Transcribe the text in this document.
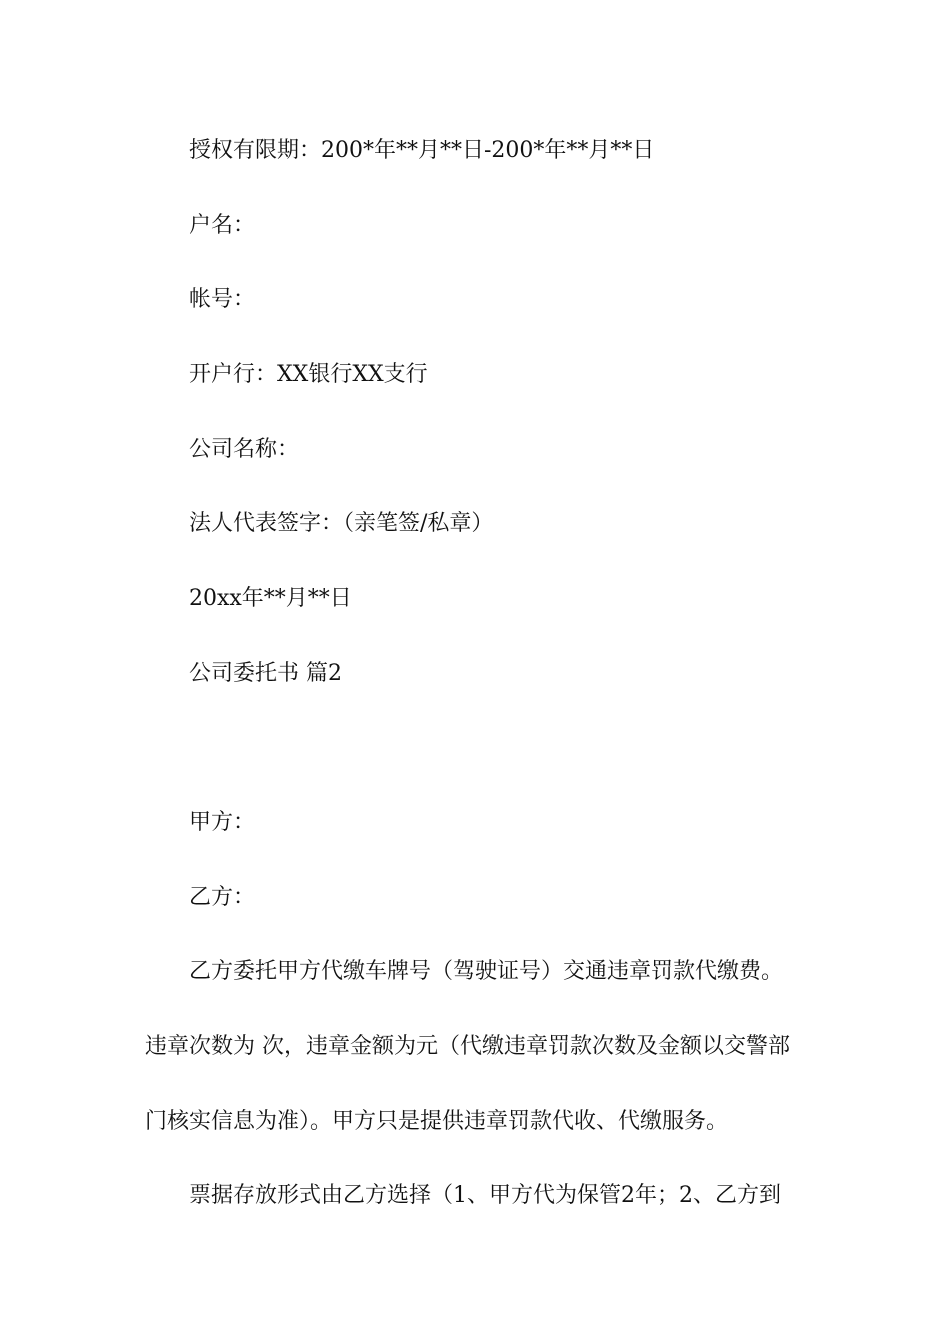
授权有限期：200*年**月**日-200*年**月**日

户名：

帐号：

开户行：XX银行XX支行

公司名称：

法人代表签字：（亲笔签/私章）

20xx年**月**日

公司委托书 篇2

甲方：

乙方：

乙方委托甲方代缴车牌号（驾驶证号）交通违章罚款代缴费。

违章次数为 次，违章金额为元（代缴违章罚款次数及金额以交警部

门核实信息为准）。甲方只是提供违章罚款代收、代缴服务。

票据存放形式由乙方选择（1、甲方代为保管2年；2、乙方到
